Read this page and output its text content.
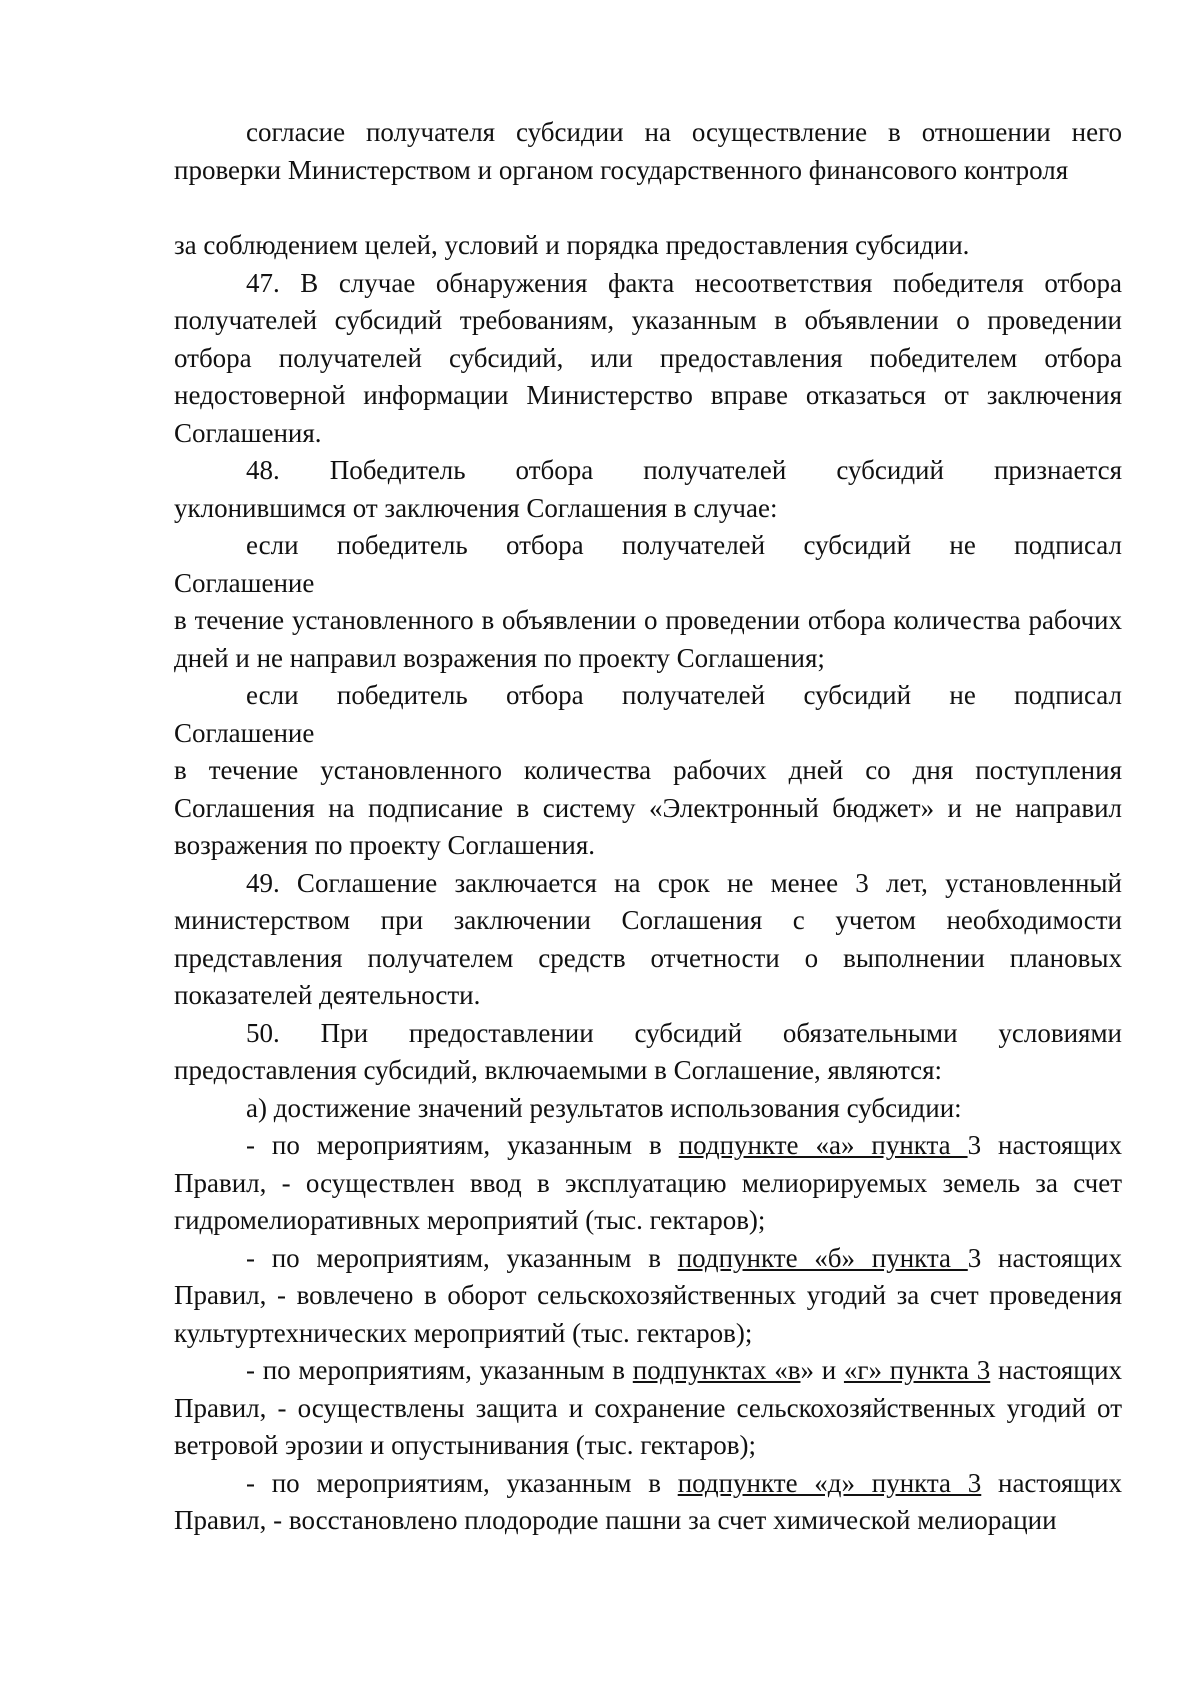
согласие получателя субсидии на осуществление в отношении него проверки Министерством и органом государственного финансового контроля

за соблюдением целей, условий и порядка предоставления субсидии.

47. В случае обнаружения факта несоответствия победителя отбора получателей субсидий требованиям, указанным в объявлении о проведении отбора получателей субсидий, или предоставления победителем отбора недостоверной информации Министерство вправе отказаться от заключения Соглашения.

48. Победитель отбора получателей субсидий признается

уклонившимся от заключения Соглашения в случае:

если победитель отбора получателей субсидий не подписал

Соглашение

в течение установленного в объявлении о проведении отбора количества рабочих дней и не направил возражения по проекту Соглашения;

если победитель отбора получателей субсидий не подписал

Соглашение

в течение установленного количества рабочих дней со дня поступления Соглашения на подписание в систему «Электронный бюджет» и не направил возражения по проекту Соглашения.

49. Соглашение заключается на срок не менее 3 лет, установленный министерством при заключении Соглашения с учетом необходимости представления получателем средств отчетности о выполнении плановых показателей деятельности.

50. При предоставлении субсидий обязательными условиями

предоставления субсидий, включаемыми в Соглашение, являются:

а) достижение значений результатов использования субсидии:

- по мероприятиям, указанным в подпункте «а» пункта 3 настоящих Правил, - осуществлен ввод в эксплуатацию мелиорируемых земель за счет гидромелиоративных мероприятий (тыс. гектаров);

- по мероприятиям, указанным в подпункте «б» пункта 3 настоящих Правил, - вовлечено в оборот сельскохозяйственных угодий за счет проведения культуртехнических мероприятий (тыс. гектаров);

- по мероприятиям, указанным в подпунктах «в» и «г» пункта 3 настоящих Правил, - осуществлены защита и сохранение сельскохозяйственных угодий от ветровой эрозии и опустынивания (тыс. гектаров);

- по мероприятиям, указанным в подпункте «д» пункта 3 настоящих Правил, - восстановлено плодородие пашни за счет химической мелиорации
